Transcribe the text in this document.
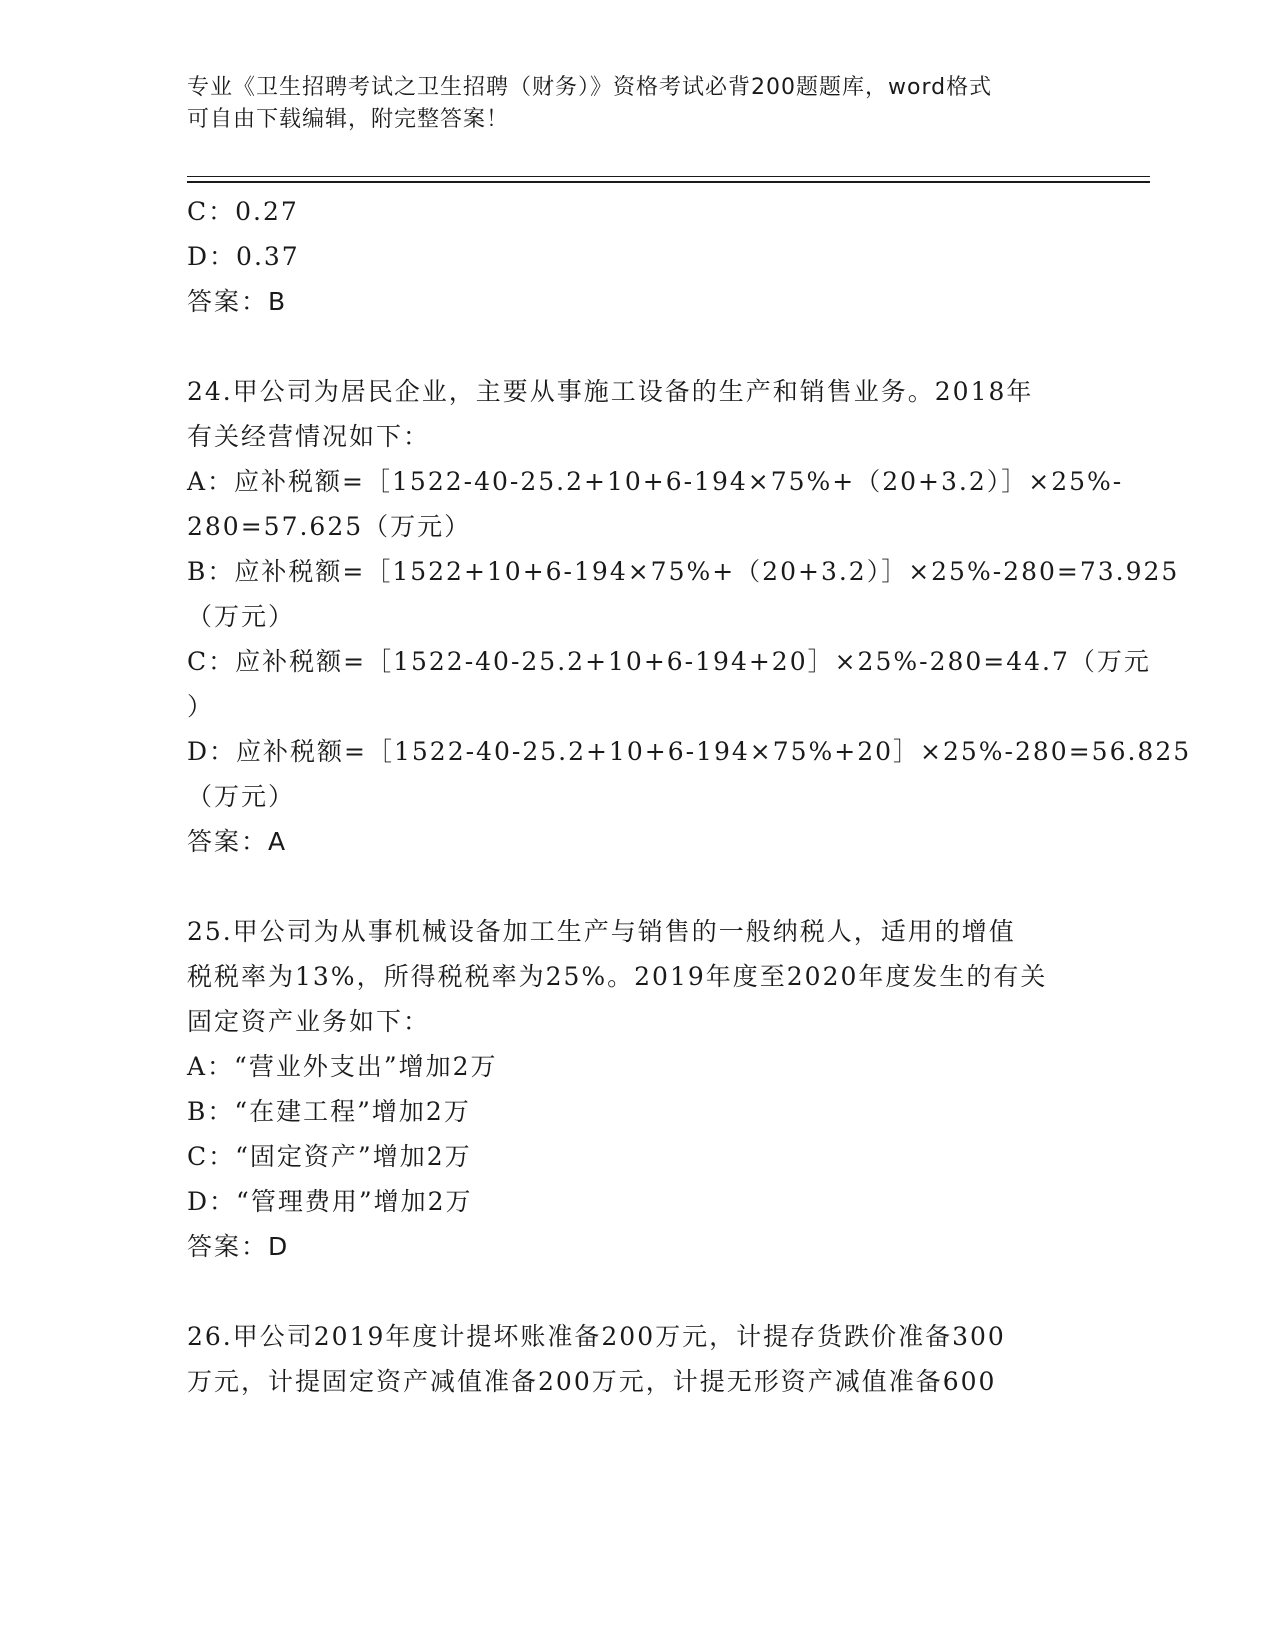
专业《卫生招聘考试之卫生招聘（财务）》资格考试必背200题题库，word格式
可自由下载编辑，附完整答案！
C：0.27
D：0.37
答案：B
24.甲公司为居民企业，主要从事施工设备的生产和销售业务。2018年
有关经营情况如下：
A：应补税额=［1522-40-25.2+10+6-194×75%+（20+3.2）］×25%-
280=57.625（万元）
B：应补税额=［1522+10+6-194×75%+（20+3.2）］×25%-280=73.925
（万元）
C：应补税额=［1522-40-25.2+10+6-194+20］×25%-280=44.7（万元
）
D：应补税额=［1522-40-25.2+10+6-194×75%+20］×25%-280=56.825
（万元）
答案：A
25.甲公司为从事机械设备加工生产与销售的一般纳税人，适用的增值
税税率为13%，所得税税率为25%。2019年度至2020年度发生的有关
固定资产业务如下：
A：“营业外支出”增加2万
B：“在建工程”增加2万
C：“固定资产”增加2万
D：“管理费用”增加2万
答案：D
26.甲公司2019年度计提坏账准备200万元，计提存货跌价准备300
万元，计提固定资产减值准备200万元，计提无形资产减值准备600
